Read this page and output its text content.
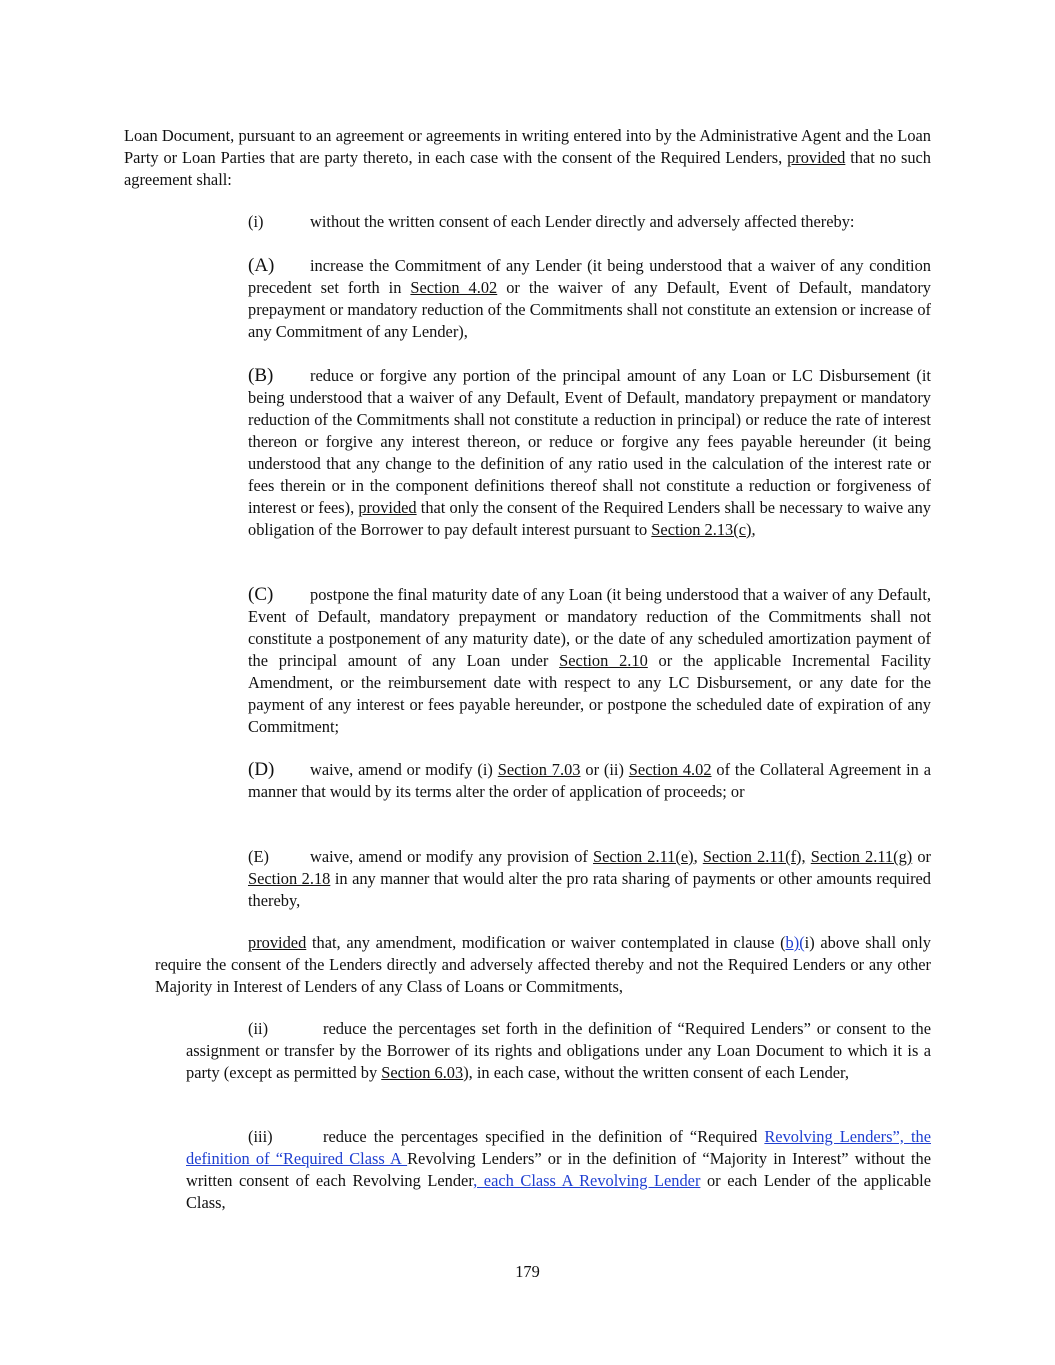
Loan Document, pursuant to an agreement or agreements in writing entered into by the Administrative Agent and the Loan Party or Loan Parties that are party thereto, in each case with the consent of the Required Lenders, provided that no such agreement shall:

(i)	without the written consent of each Lender directly and adversely affected thereby:

(A) increase the Commitment of any Lender (it being understood that a waiver of any condition precedent set forth in Section 4.02 or the waiver of any Default, Event of Default, mandatory prepayment or mandatory reduction of the Commitments shall not constitute an extension or increase of any Commitment of any Lender),

(B) reduce or forgive any portion of the principal amount of any Loan or LC Disbursement (it being understood that a waiver of any Default, Event of Default, mandatory prepayment or mandatory reduction of the Commitments shall not constitute a reduction in principal) or reduce the rate of interest thereon or forgive any interest thereon, or reduce or forgive any fees payable hereunder (it being understood that any change to the definition of any ratio used in the calculation of the interest rate or fees therein or in the component definitions thereof shall not constitute a reduction or forgiveness of interest or fees), provided that only the consent of the Required Lenders shall be necessary to waive any obligation of the Borrower to pay default interest pursuant to Section 2.13(c),

(C) postpone the final maturity date of any Loan (it being understood that a waiver of any Default, Event of Default, mandatory prepayment or mandatory reduction of the Commitments shall not constitute a postponement of any maturity date), or the date of any scheduled amortization payment of the principal amount of any Loan under Section 2.10 or the applicable Incremental Facility Amendment, or the reimbursement date with respect to any LC Disbursement, or any date for the payment of any interest or fees payable hereunder, or postpone the scheduled date of expiration of any Commitment;

(D) waive, amend or modify (i) Section 7.03 or (ii) Section 4.02 of the Collateral Agreement in a manner that would by its terms alter the order of application of proceeds; or

(E)	waive, amend or modify any provision of Section 2.11(e), Section 2.11(f), Section 2.11(g) or Section 2.18 in any manner that would alter the pro rata sharing of payments or other amounts required thereby,

provided that, any amendment, modification or waiver contemplated in clause (b)(i) above shall only require the consent of the Lenders directly and adversely affected thereby and not the Required Lenders or any other Majority in Interest of Lenders of any Class of Loans or Commitments,

(ii)	reduce the percentages set forth in the definition of “Required Lenders” or consent to the assignment or transfer by the Borrower of its rights and obligations under any Loan Document to which it is a party (except as permitted by Section 6.03), in each case, without the written consent of each Lender,

(iii)	reduce the percentages specified in the definition of “Required Revolving Lenders”, the definition of “Required Class A Revolving Lenders” or in the definition of “Majority in Interest” without the written consent of each Revolving Lender, each Class A Revolving Lender or each Lender of the applicable Class,

179
